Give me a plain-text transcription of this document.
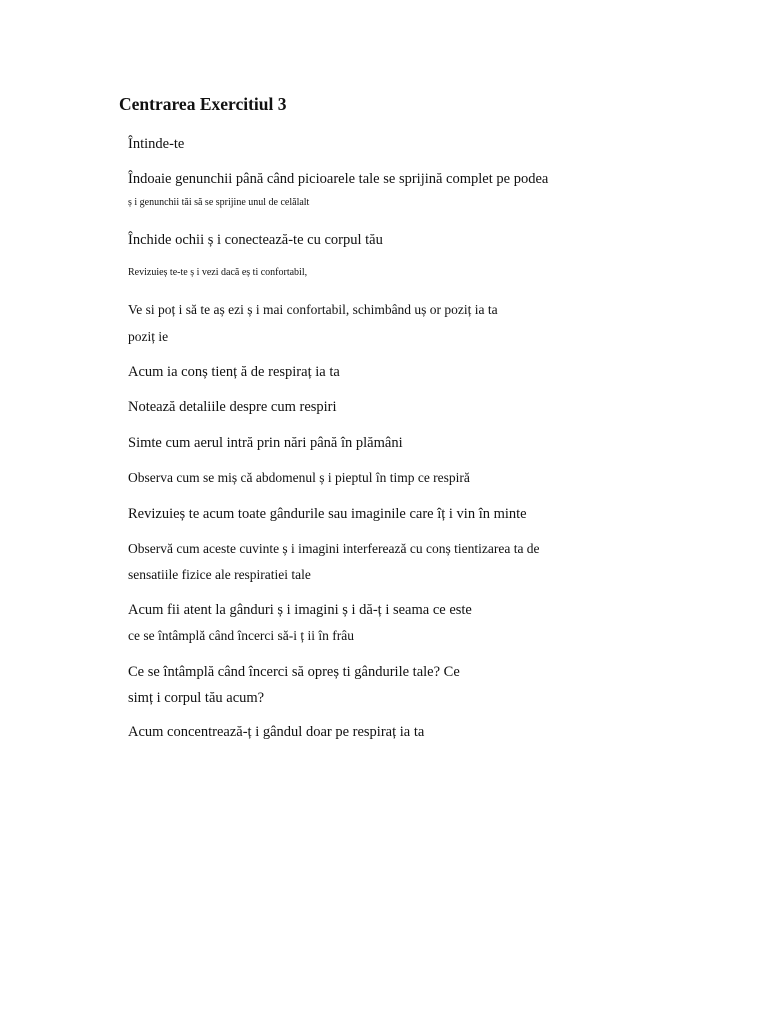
Centrarea Exercitiul 3
Întinde-te
Îndoaie genunchii până când picioarele tale se sprijină complet pe podea
ș i genunchii tăi să se sprijine unul de celălalt
Închide ochii ș i conectează-te cu corpul tău
Revizuieș te-te ș i vezi dacă eș ti confortabil,
Ve si poț i să te aș ezi ș i mai confortabil, schimbând uș or poziț ia ta
poziț ie
Acum ia conș tienț ă de respiraț ia ta
Notează detaliile despre cum respiri
Simte cum aerul intră prin nări până în plămâni
Observa cum se miș că abdomenul ș i pieptul în timp ce respiră
Revizuieș te acum toate gândurile sau imaginile care îț i vin în minte
Observă cum aceste cuvinte ș i imagini interferează cu conș tientizarea ta de
sensatiile fizice ale respiratiei tale
Acum fii atent la gânduri ș i imagini ș i dă-ț i seama ce este
ce se întâmplă când încerci să-i ț ii în frâu
Ce se întâmplă când încerci să opreș ti gândurile tale? Ce
simț i corpul tău acum?
Acum concentrează-ț i gândul doar pe respiraț ia ta
